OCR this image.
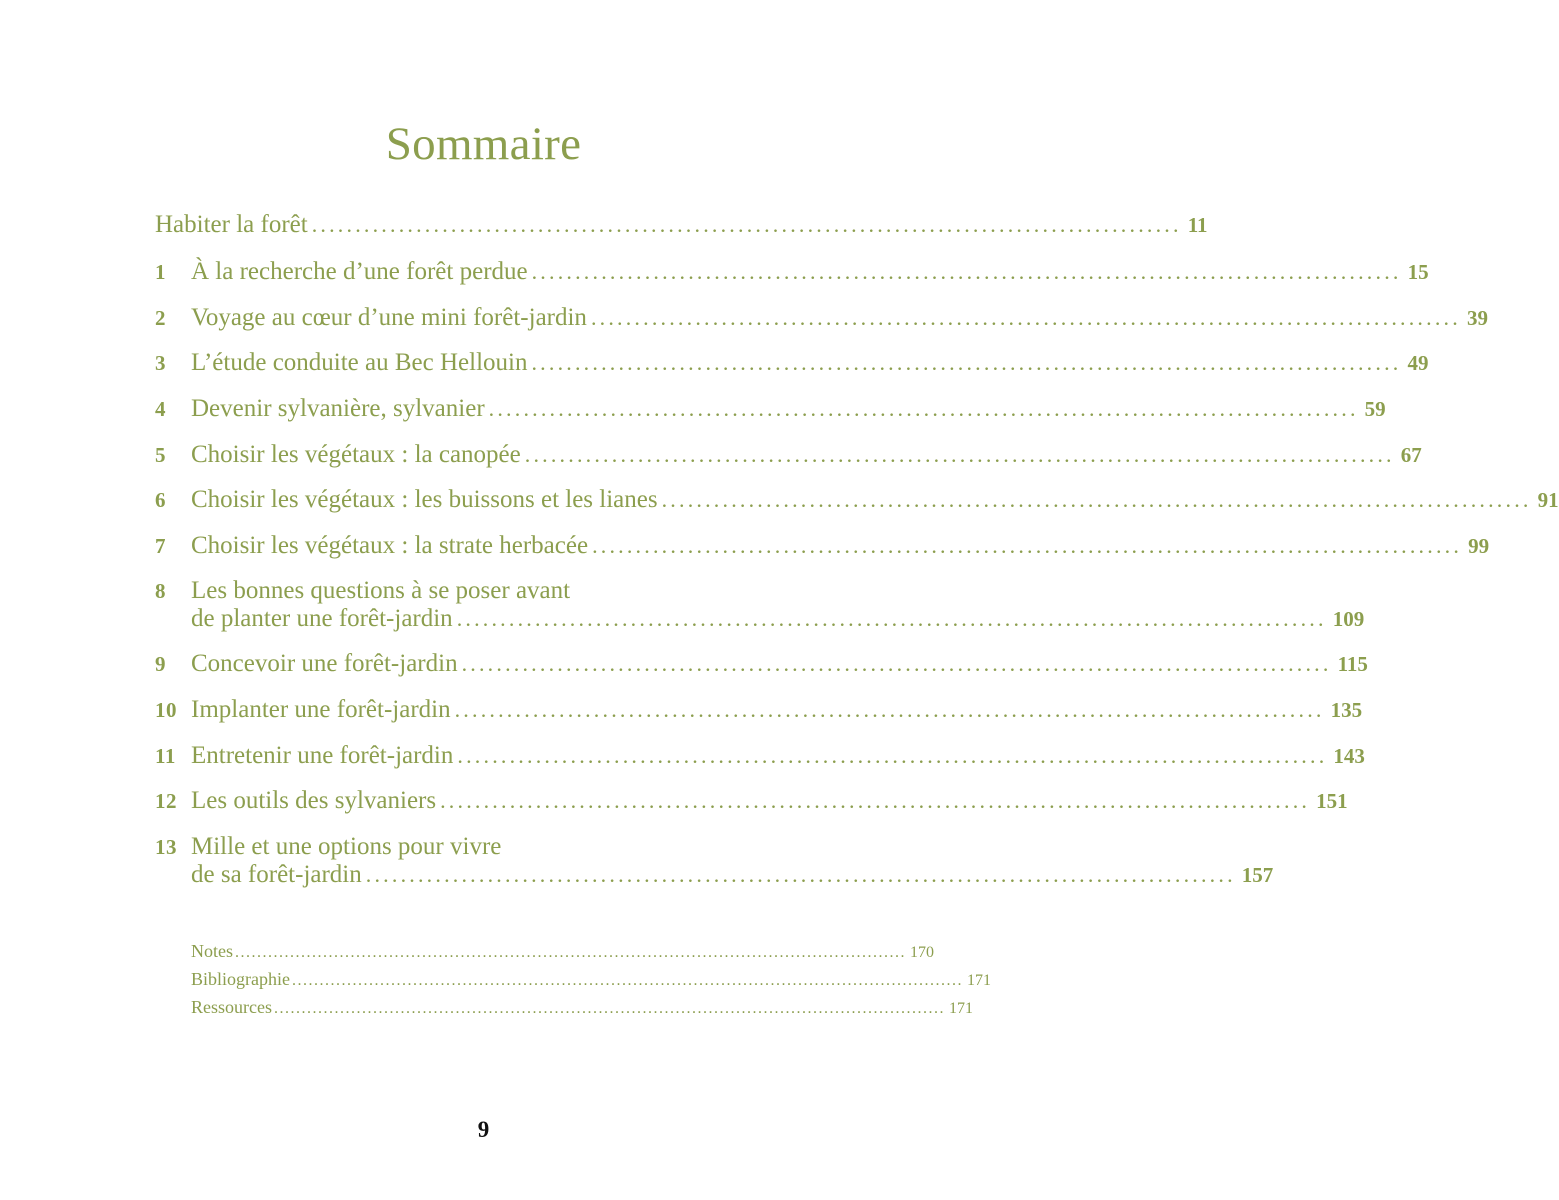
Sommaire
Habiter la forêt .................................................................................................... 11
1	À la recherche d’une forêt perdue .................................................................................................... 15
2	Voyage au cœur d’une mini forêt-jardin .................................................................................................... 39
3	L’étude conduite au Bec Hellouin .................................................................................................... 49
4	Devenir sylvanière, sylvanier .................................................................................................... 59
5	Choisir les végétaux : la canopée .................................................................................................... 67
6	Choisir les végétaux : les buissons et les lianes .................................................................................................... 91
7	Choisir les végétaux : la strate herbacée .................................................................................................... 99
8	Les bonnes questions à se poser avant
de planter une forêt-jardin .................................................................................................... 109
9	Concevoir une forêt-jardin .................................................................................................... 115
10 Implanter une forêt-jardin .................................................................................................... 135
11 Entretenir une forêt-jardin .................................................................................................... 143
12 Les outils des sylvaniers .................................................................................................... 151
13 Mille et une options pour vivre
de sa forêt-jardin .................................................................................................... 157
Notes .......................................................................................................................... 170
Bibliographie .......................................................................................................................... 171
Ressources .......................................................................................................................... 171
9
